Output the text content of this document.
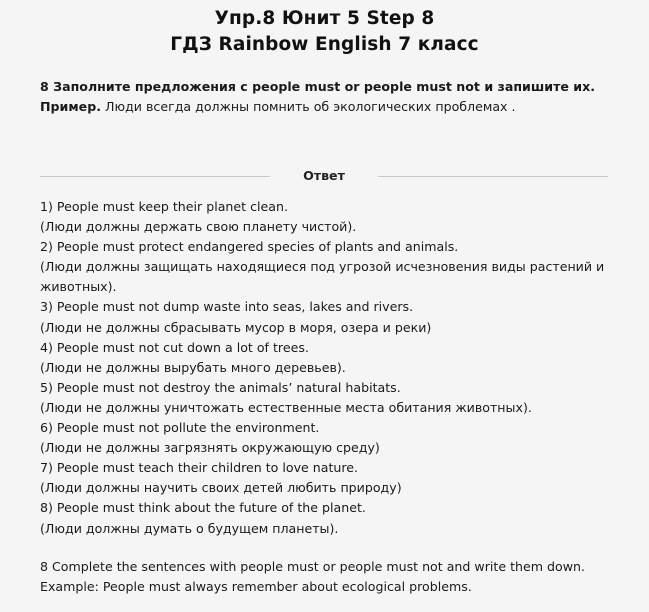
Упр.8 Юнит 5 Step 8
ГДЗ Rainbow English 7 класс
8 Заполните предложения с people must or people must not и запишите их.
Пример. Люди всегда должны помнить об экологических проблемах .
Ответ
1) People must keep their planet clean.
(Люди должны держать свою планету чистой).
2) People must protect endangered species of plants and animals.
(Люди должны защищать находящиеся под угрозой исчезновения виды растений и животных).
3) People must not dump waste into seas, lakes and rivers.
(Люди не должны сбрасывать мусор в моря, озера и реки)
4) People must not cut down a lot of trees.
(Люди не должны вырубать много деревьев).
5) People must not destroy the animals’ natural habitats.
(Люди не должны уничтожать естественные места обитания животных).
6) People must not pollute the environment.
(Люди не должны загрязнять окружающую среду)
7) People must teach their children to love nature.
(Люди должны научить своих детей любить природу)
8) People must think about the future of the planet.
(Люди должны думать о будущем планеты).
8 Complete the sentences with people must or people must not and write them down.
Example: People must always remember about ecological problems.
